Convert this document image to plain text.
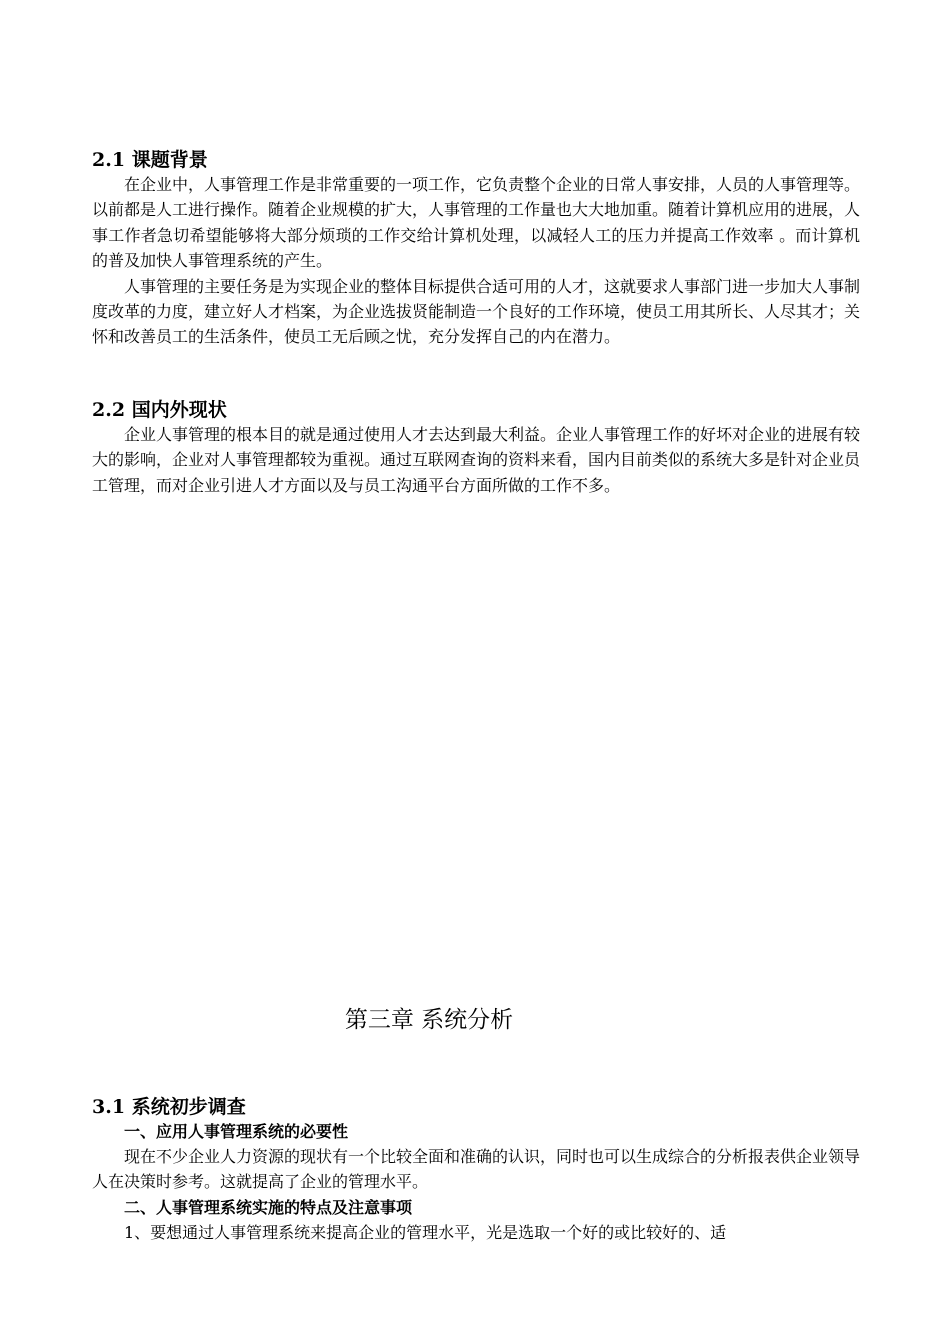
2.1 课题背景

在企业中，人事管理工作是非常重要的一项工作，它负责整个企业的日常人事安排，人员的人事管理等。以前都是人工进行操作。随着企业规模的扩大，人事管理的工作量也大大地加重。随着计算机应用的进展，人事工作者急切希望能够将大部分烦琐的工作交给计算机处理，以减轻人工的压力并提高工作效率 。而计算机的普及加快人事管理系统的产生。

人事管理的主要任务是为实现企业的整体目标提供合适可用的人才，这就要求人事部门进一步加大人事制度改革的力度，建立好人才档案，为企业选拔贤能制造一个良好的工作环境，使员工用其所长、人尽其才；关怀和改善员工的生活条件，使员工无后顾之忧，充分发挥自己的内在潜力。

2.2 国内外现状

企业人事管理的根本目的就是通过使用人才去达到最大利益。企业人事管理工作的好坏对企业的进展有较大的影响，企业对人事管理都较为重视。通过互联网查询的资料来看，国内目前类似的系统大多是针对企业员工管理，而对企业引进人才方面以及与员工沟通平台方面所做的工作不多。

第三章 系统分析

3.1 系统初步调查

一、应用人事管理系统的必要性

现在不少企业人力资源的现状有一个比较全面和准确的认识，同时也可以生成综合的分析报表供企业领导人在决策时参考。这就提高了企业的管理水平。

二、人事管理系统实施的特点及注意事项

1、要想通过人事管理系统来提高企业的管理水平，光是选取一个好的或比较好的、适
